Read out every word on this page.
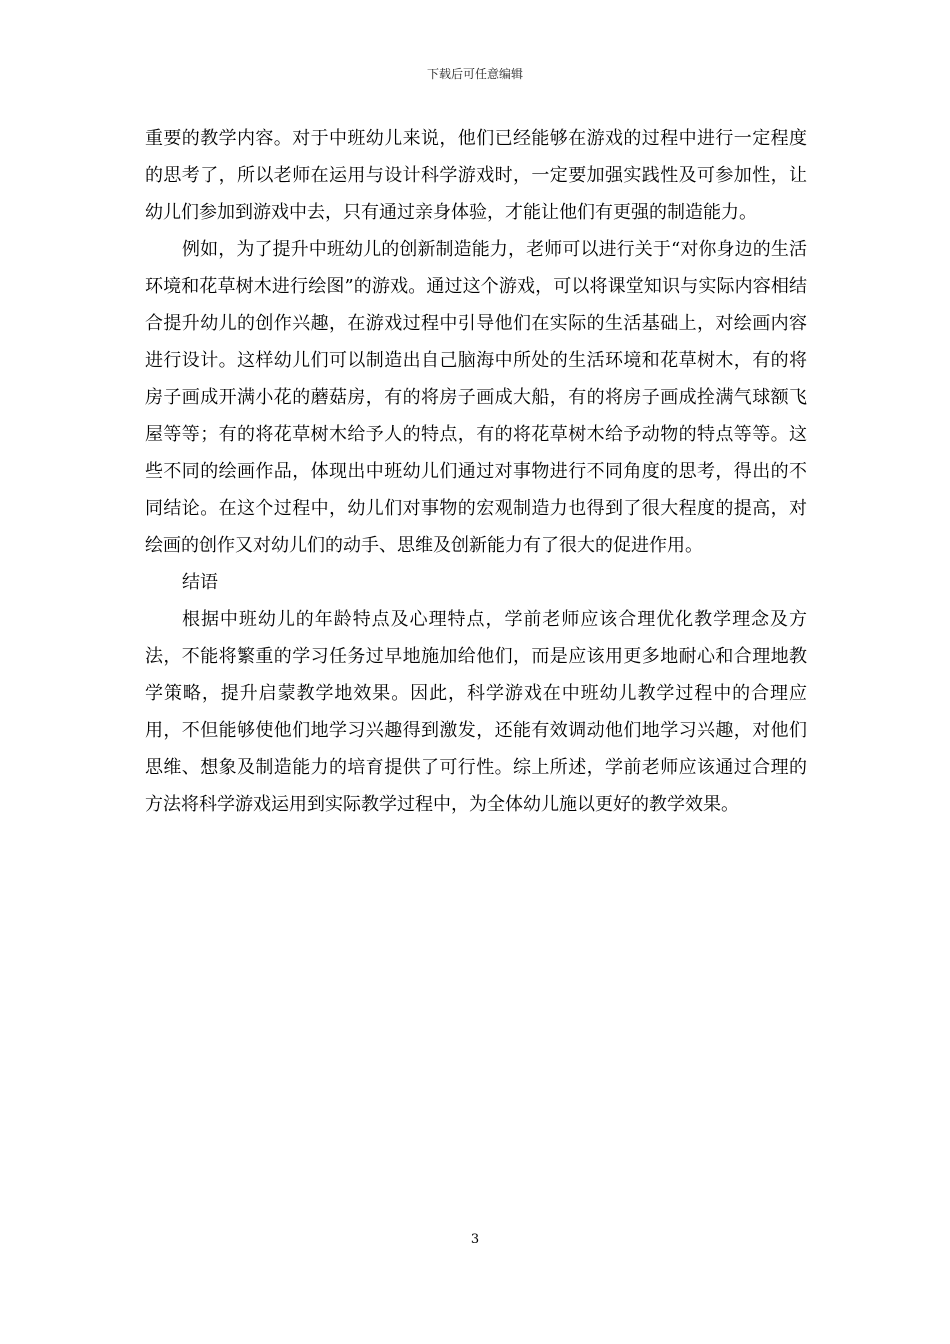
下载后可任意编辑

重要的教学内容。对于中班幼儿来说，他们已经能够在游戏的过程中进行一定程度的思考了，所以老师在运用与设计科学游戏时，一定要加强实践性及可参加性，让幼儿们参加到游戏中去，只有通过亲身体验，才能让他们有更强的制造能力。

例如，为了提升中班幼儿的创新制造能力，老师可以进行关于“对你身边的生活环境和花草树木进行绘图”的游戏。通过这个游戏，可以将课堂知识与实际内容相结合提升幼儿的创作兴趣，在游戏过程中引导他们在实际的生活基础上，对绘画内容进行设计。这样幼儿们可以制造出自己脑海中所处的生活环境和花草树木，有的将房子画成开满小花的蘑菇房，有的将房子画成大船，有的将房子画成拴满气球额飞屋等等；有的将花草树木给予人的特点，有的将花草树木给予动物的特点等等。这些不同的绘画作品，体现出中班幼儿们通过对事物进行不同角度的思考，得出的不同结论。在这个过程中，幼儿们对事物的宏观制造力也得到了很大程度的提高，对绘画的创作又对幼儿们的动手、思维及创新能力有了很大的促进作用。

结语

根据中班幼儿的年龄特点及心理特点，学前老师应该合理优化教学理念及方法，不能将繁重的学习任务过早地施加给他们，而是应该用更多地耐心和合理地教学策略，提升启蒙教学地效果。因此，科学游戏在中班幼儿教学过程中的合理应用，不但能够使他们地学习兴趣得到激发，还能有效调动他们地学习兴趣，对他们思维、想象及制造能力的培育提供了可行性。综上所述，学前老师应该通过合理的方法将科学游戏运用到实际教学过程中，为全体幼儿施以更好的教学效果。

3
